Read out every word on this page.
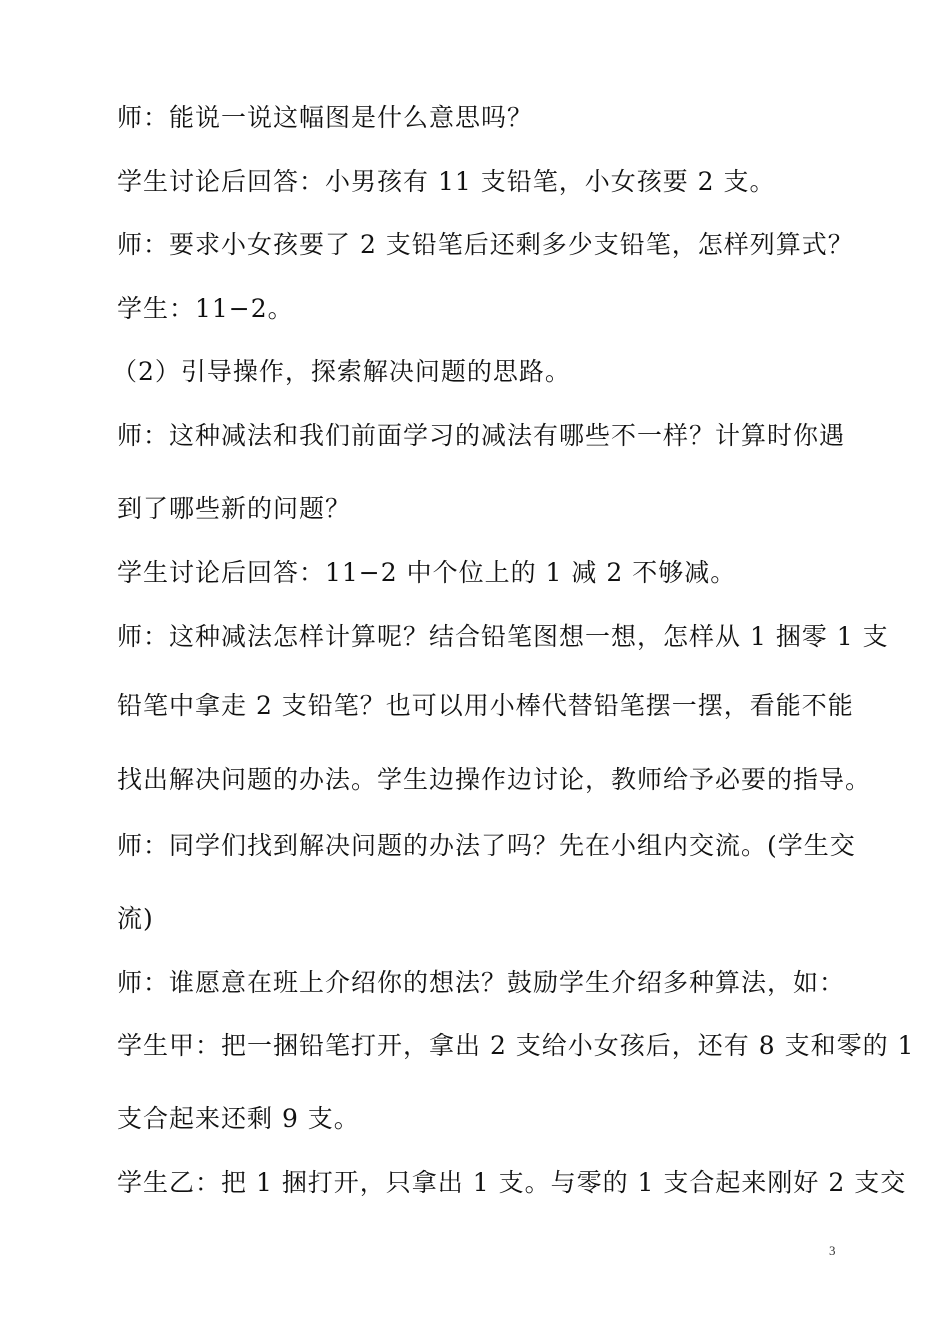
师：能说一说这幅图是什么意思吗？
学生讨论后回答：小男孩有 11 支铅笔，小女孩要 2 支。
师：要求小女孩要了 2 支铅笔后还剩多少支铅笔，怎样列算式？
学生：11−2。
（2）引导操作，探索解决问题的思路。
师：这种减法和我们前面学习的减法有哪些不一样？计算时你遇
到了哪些新的问题？
学生讨论后回答：11−2 中个位上的 1 减 2 不够减。
师：这种减法怎样计算呢？结合铅笔图想一想，怎样从 1 捆零 1 支
铅笔中拿走 2 支铅笔？也可以用小棒代替铅笔摆一摆，看能不能
找出解决问题的办法。学生边操作边讨论，教师给予必要的指导。
师：同学们找到解决问题的办法了吗？先在小组内交流。(学生交
流)
师：谁愿意在班上介绍你的想法？鼓励学生介绍多种算法，如：
学生甲：把一捆铅笔打开，拿出 2 支给小女孩后，还有 8 支和零的 1
支合起来还剩 9 支。
学生乙：把 1 捆打开，只拿出 1 支。与零的 1 支合起来刚好 2 支交
3
